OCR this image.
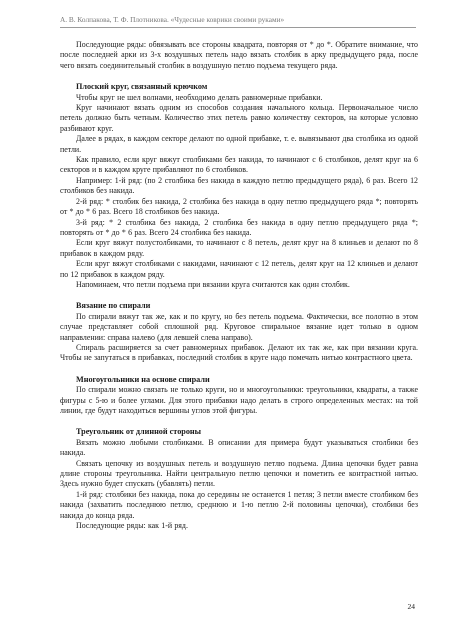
А. В. Колпакова, Т. Ф. Плотникова. «Чудесные коврики своими руками»

Последующие ряды: обвязывать все стороны квадрата, повторяя от * до *. Обратите внимание, что после последней арки из 3-х воздушных петель надо вязать столбик в арку предыдущего ряда, после чего вязать соединительный столбик в воздушную петлю подъема текущего ряда.

Плоский круг, связанный крючком

Чтобы круг не шел волнами, необходимо делать равномерные прибавки.

Круг начинают вязать одним из способов создания начального кольца. Первоначальное число петель должно быть четным. Количество этих петель равно количеству секторов, на которые условно разбивают круг.

Далее в рядах, в каждом секторе делают по одной прибавке, т. е. вывязывают два столбика из одной петли.

Как правило, если круг вяжут столбиками без накида, то начинают с 6 столбиков, делят круг на 6 секторов и в каждом круге прибавляют по 6 столбиков.

Например: 1-й ряд: (по 2 столбика без накида в каждую петлю предыдущего ряда), 6 раз. Всего 12 столбиков без накида.

2-й ряд: * столбик без накида, 2 столбика без накида в одну петлю предыдущего ряда *; повторять от * до * 6 раз. Всего 18 столбиков без накида.

3-й ряд: * 2 столбика без накида, 2 столбика без накида в одну петлю предыдущего ряда *; повторять от * до * 6 раз. Всего 24 столбика без накида.

Если круг вяжут полустолбиками, то начинают с 8 петель, делят круг на 8 клиньев и делают по 8 прибавок в каждом ряду.

Если круг вяжут столбиками с накидами, начинают с 12 петель, делят круг на 12 клиньев и делают по 12 прибавок в каждом ряду.

Напоминаем, что петли подъема при вязании круга считаются как один столбик.

Вязание по спирали

По спирали вяжут так же, как и по кругу, но без петель подъема. Фактически, все полотно в этом случае представляет собой сплошной ряд. Круговое спиральное вязание идет только в одном направлении: справа налево (для левшей слева направо).

Спираль расширяется за счет равномерных прибавок. Делают их так же, как при вязании круга. Чтобы не запутаться в прибавках, последний столбик в круге надо помечать нитью контрастного цвета.

Многоугольники на основе спирали

По спирали можно связать не только круги, но и многоугольники: треугольники, квадраты, а также фигуры с 5-ю и более углами. Для этого прибавки надо делать в строго определенных местах: на той линии, где будут находиться вершины углов этой фигуры.

Треугольник от длинной стороны

Вязать можно любыми столбиками. В описании для примера будут указываться столбики без накида.

Связать цепочку из воздушных петель и воздушную петлю подъема. Длина цепочки будет равна длине стороны треугольника. Найти центральную петлю цепочки и пометить ее контрастной нитью. Здесь нужно будет спускать (убавлять) петли.

1-й ряд: столбики без накида, пока до середины не останется 1 петля; 3 петли вместе столбиком без накида (захватить последнюю петлю, среднюю и 1-ю петлю 2-й половины цепочки), столбики без накида до конца ряда.

Последующие ряды: как 1-й ряд.

24
